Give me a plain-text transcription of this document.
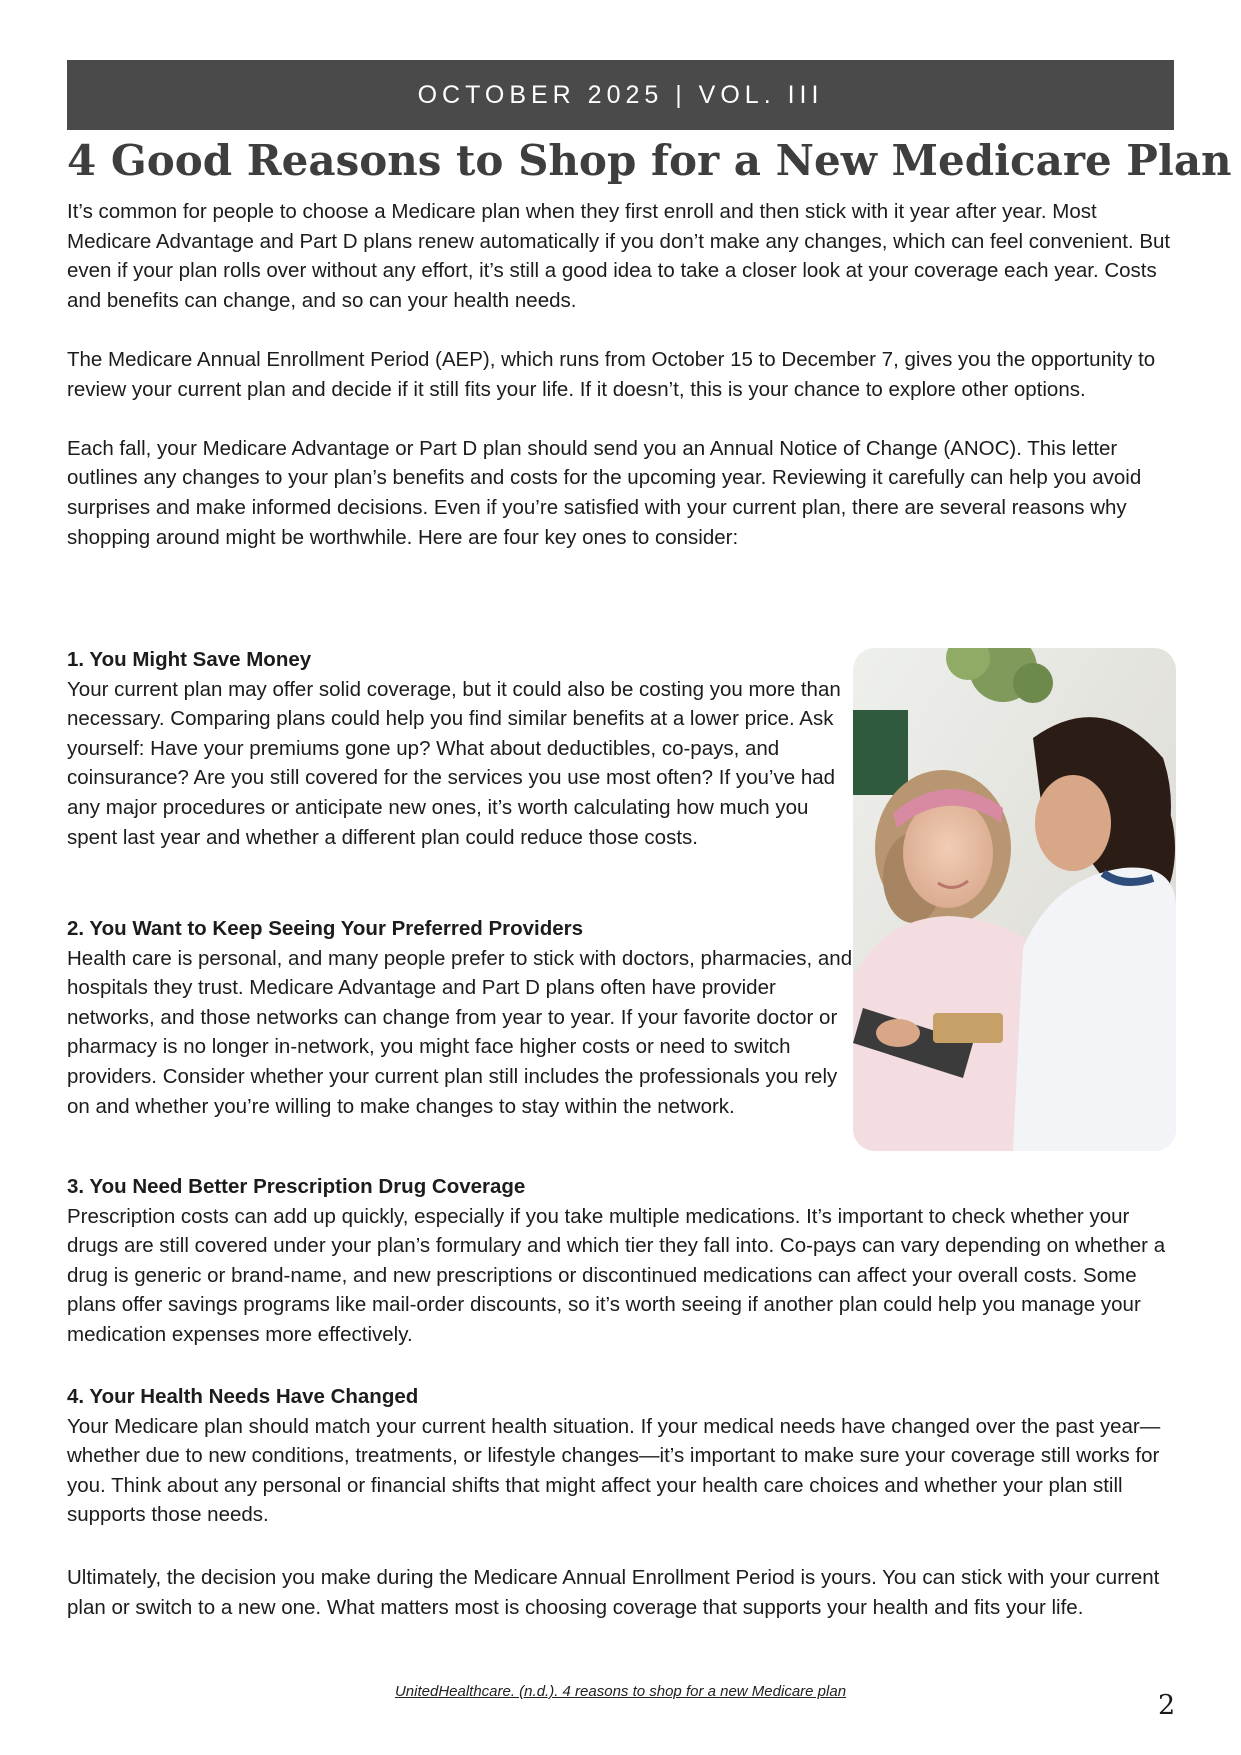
OCTOBER 2025 | VOL. III
4 Good Reasons to Shop for a New Medicare Plan

It’s common for people to choose a Medicare plan when they first enroll and then stick with it year after year. Most Medicare Advantage and Part D plans renew automatically if you don’t make any changes, which can feel convenient. But even if your plan rolls over without any effort, it’s still a good idea to take a closer look at your coverage each year. Costs and benefits can change, and so can your health needs.

The Medicare Annual Enrollment Period (AEP), which runs from October 15 to December 7, gives you the opportunity to review your current plan and decide if it still fits your life. If it doesn’t, this is your chance to explore other options.

Each fall, your Medicare Advantage or Part D plan should send you an Annual Notice of Change (ANOC). This letter outlines any changes to your plan’s benefits and costs for the upcoming year. Reviewing it carefully can help you avoid surprises and make informed decisions. Even if you’re satisfied with your current plan, there are several reasons why shopping around might be worthwhile. Here are four key ones to consider:

1. You Might Save Money

Your current plan may offer solid coverage, but it could also be costing you more than necessary. Comparing plans could help you find similar benefits at a lower price. Ask yourself: Have your premiums gone up? What about deductibles, co-pays, and coinsurance? Are you still covered for the services you use most often? If you’ve had any major procedures or anticipate new ones, it’s worth calculating how much you spent last year and whether a different plan could reduce those costs.

2. You Want to Keep Seeing Your Preferred Providers

Health care is personal, and many people prefer to stick with doctors, pharmacies, and hospitals they trust. Medicare Advantage and Part D plans often have provider networks, and those networks can change from year to year. If your favorite doctor or pharmacy is no longer in-network, you might face higher costs or need to switch providers. Consider whether your current plan still includes the professionals you rely on and whether you’re willing to make changes to stay within the network.

3. You Need Better Prescription Drug Coverage

Prescription costs can add up quickly, especially if you take multiple medications. It’s important to check whether your drugs are still covered under your plan’s formulary and which tier they fall into. Co-pays can vary depending on whether a drug is generic or brand-name, and new prescriptions or discontinued medications can affect your overall costs. Some plans offer savings programs like mail-order discounts, so it’s worth seeing if another plan could help you manage your medication expenses more effectively.

4. Your Health Needs Have Changed

Your Medicare plan should match your current health situation. If your medical needs have changed over the past year—whether due to new conditions, treatments, or lifestyle changes—it’s important to make sure your coverage still works for you. Think about any personal or financial shifts that might affect your health care choices and whether your plan still supports those needs.

Ultimately, the decision you make during the Medicare Annual Enrollment Period is yours. You can stick with your current plan or switch to a new one. What matters most is choosing coverage that supports your health and fits your life.

UnitedHealthcare. (n.d.). 4 reasons to shop for a new Medicare plan	2
